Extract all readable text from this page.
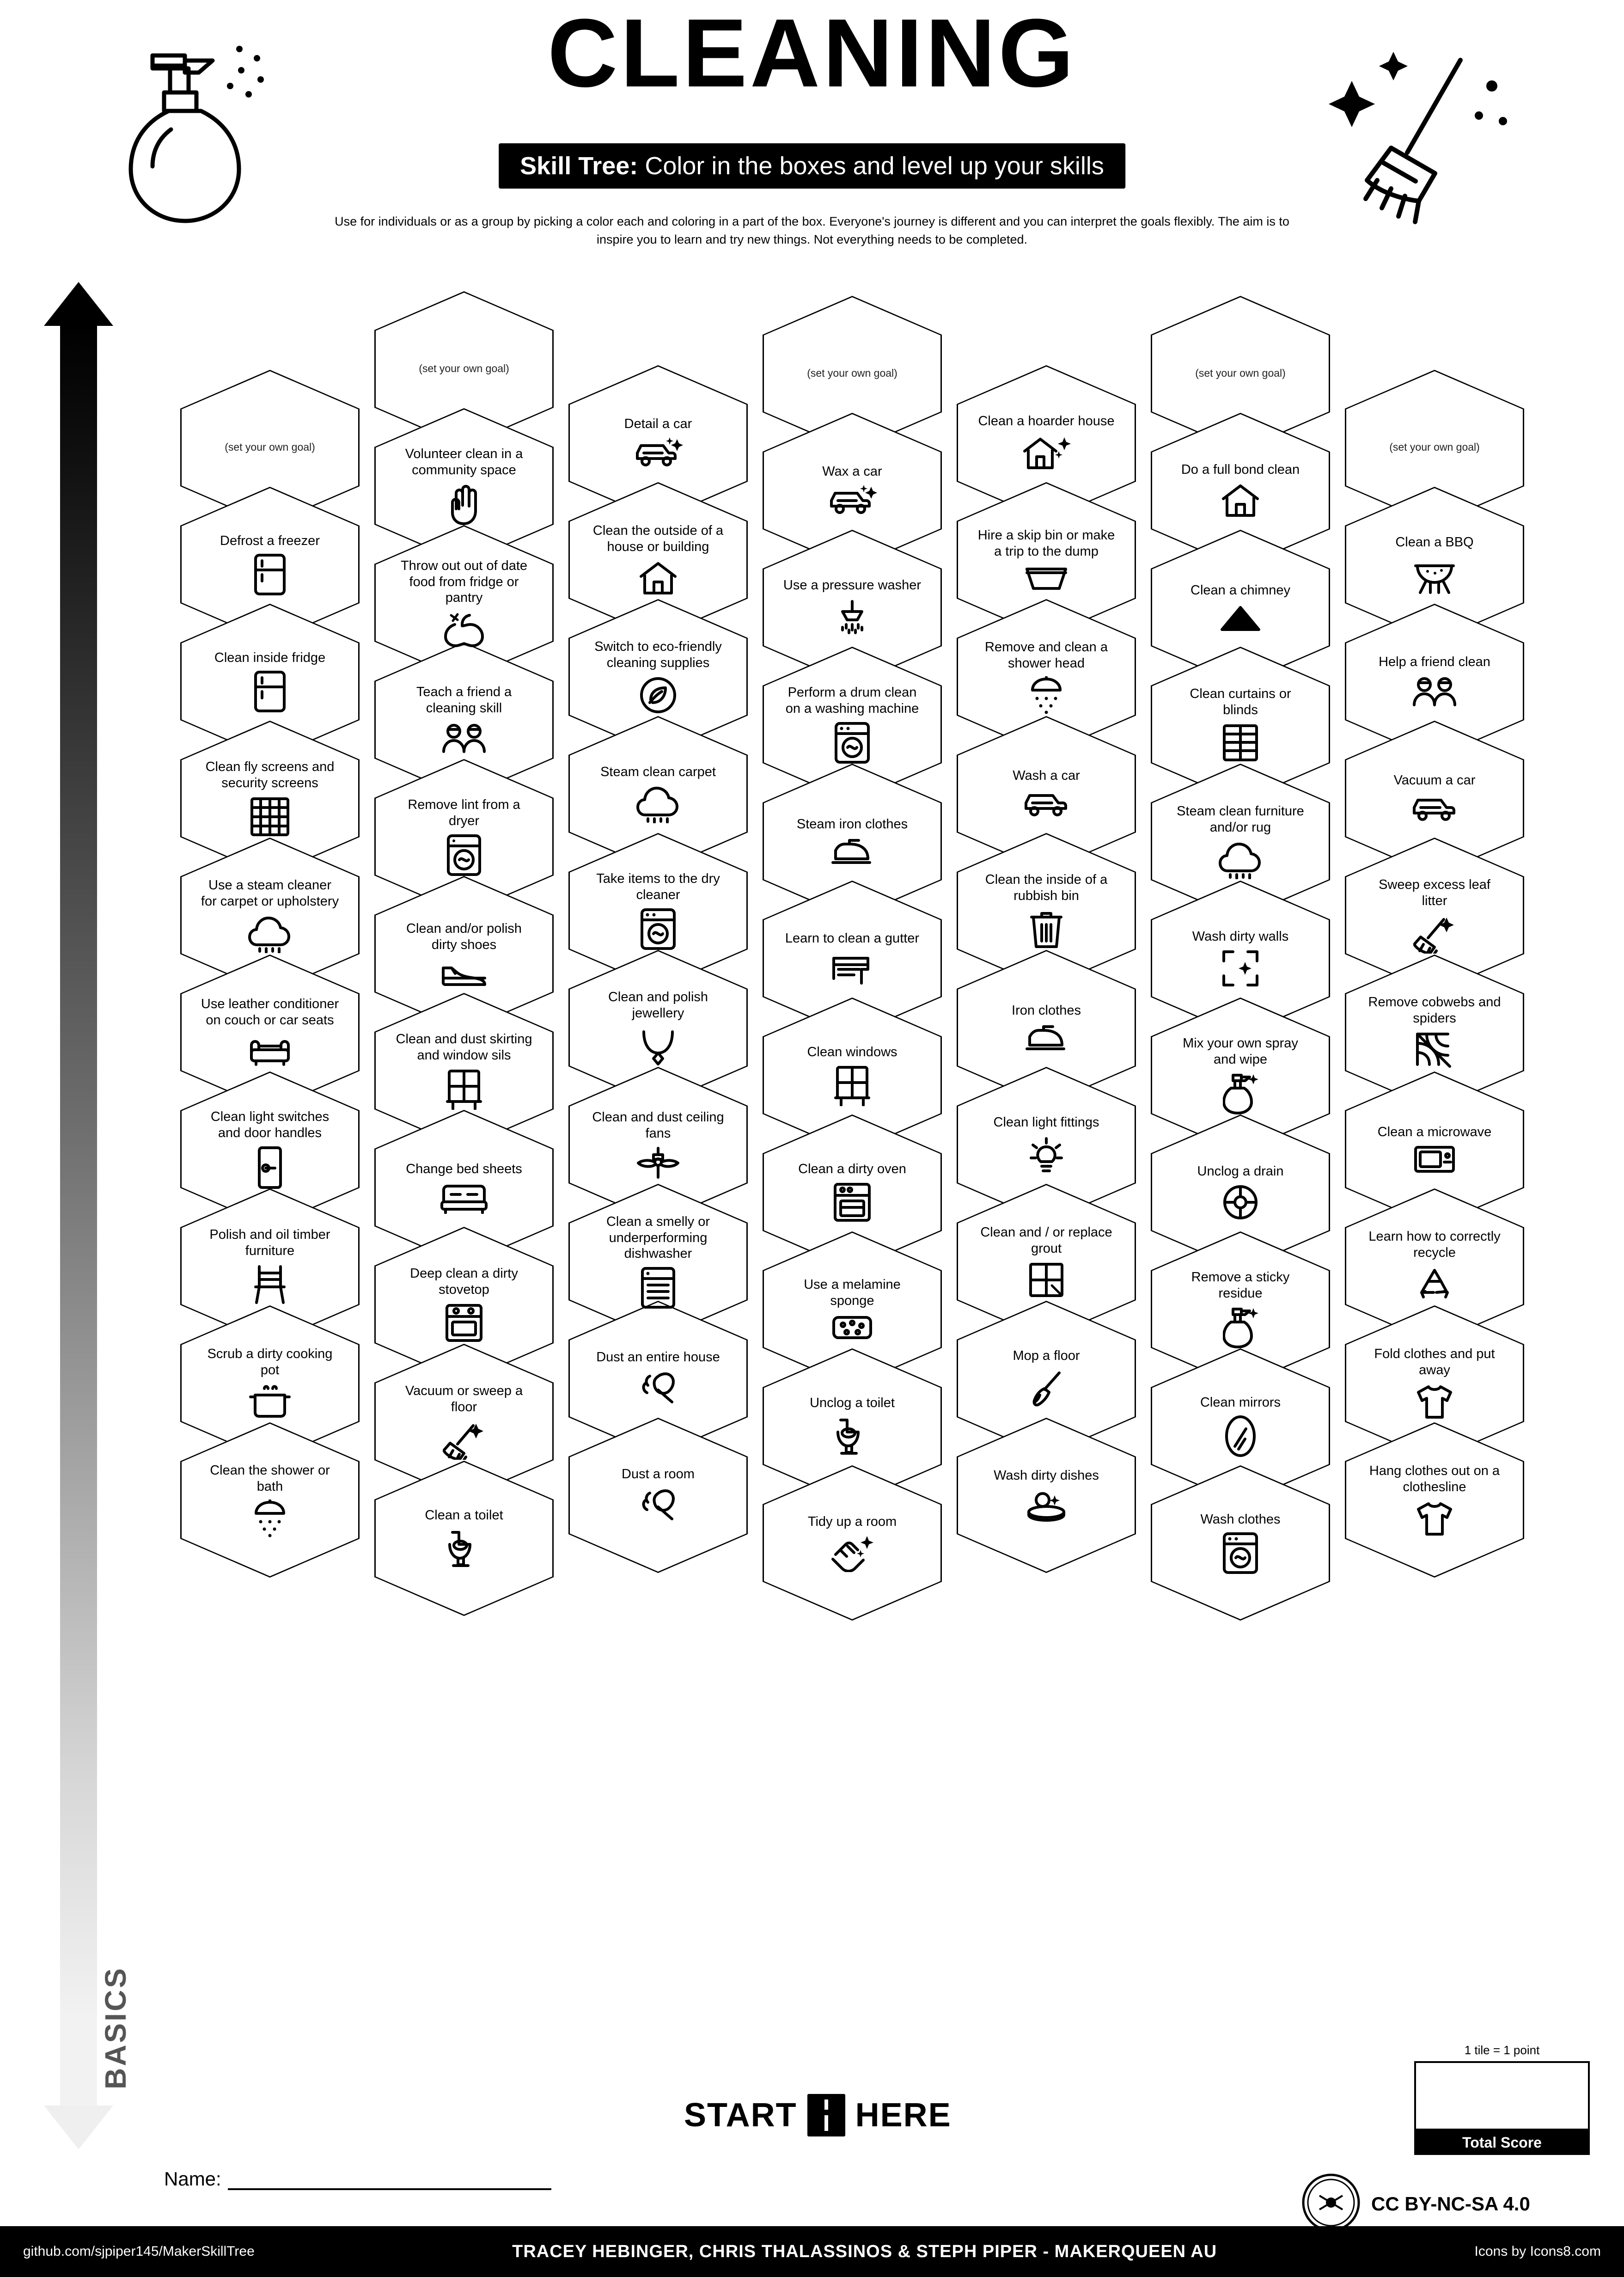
CLEANING
Skill Tree: Color in the boxes and level up your skills
Use for individuals or as a group by picking a color each and coloring in a part of the box. Everyone's journey is different and you can interpret the goals flexibly. The aim is to inspire you to learn and try new things. Not everything needs to be completed.
ADVANCED
BASICS
(set your own goal)
Defrost a freezer
Clean inside fridge
Clean fly screens and security screens
Use a steam cleaner for carpet or upholstery
Use leather conditioner on couch or car seats
Clean light switches and door handles
Polish and oil timber furniture
Scrub a dirty cooking pot
Clean the shower or bath
(set your own goal)
Volunteer clean in a community space
Throw out out of date food from fridge or pantry
Teach a friend a cleaning skill
Remove lint from a dryer
Clean and/or polish dirty shoes
Clean and dust skirting and window sils
Change bed sheets
Deep clean a dirty stovetop
Vacuum or sweep a floor
Clean a toilet
Detail a car
Clean the outside of a house or building
Switch to eco-friendly cleaning supplies
Steam clean carpet
Take items to the dry cleaner
Clean and polish jewellery
Clean and dust ceiling fans
Clean a smelly or underperforming dishwasher
Dust an entire house
Dust a room
(set your own goal)
Wax a car
Use a pressure washer
Perform a drum clean on a washing machine
Steam iron clothes
Learn to clean a gutter
Clean windows
Clean a dirty oven
Use a melamine sponge
Unclog a toilet
Tidy up a room
Clean a hoarder house
Hire a skip bin or make a trip to the dump
Remove and clean a shower head
Wash a car
Clean the inside of a rubbish bin
Iron clothes
Clean light fittings
Clean and / or replace grout
Mop a floor
Wash dirty dishes
(set your own goal)
Do a full bond clean
Clean a chimney
Clean curtains or blinds
Steam clean furniture and/or rug
Wash dirty walls
Mix your own spray and wipe
Unclog a drain
Remove a sticky residue
Clean mirrors
Wash clothes
(set your own goal)
Clean a BBQ
Help a friend clean
Vacuum a car
Sweep excess leaf litter
Remove cobwebs and spiders
Clean a microwave
Learn how to correctly recycle
Fold clothes and put away
Hang clothes out on a clothesline
START HERE
Name:
1 tile = 1 point
Total Score
CC BY-NC-SA 4.0
github.com/sjpiper145/MakerSkillTree	TRACEY HEBINGER, CHRIS THALASSINOS & STEPH PIPER - MAKERQUEEN AU	Icons by Icons8.com
